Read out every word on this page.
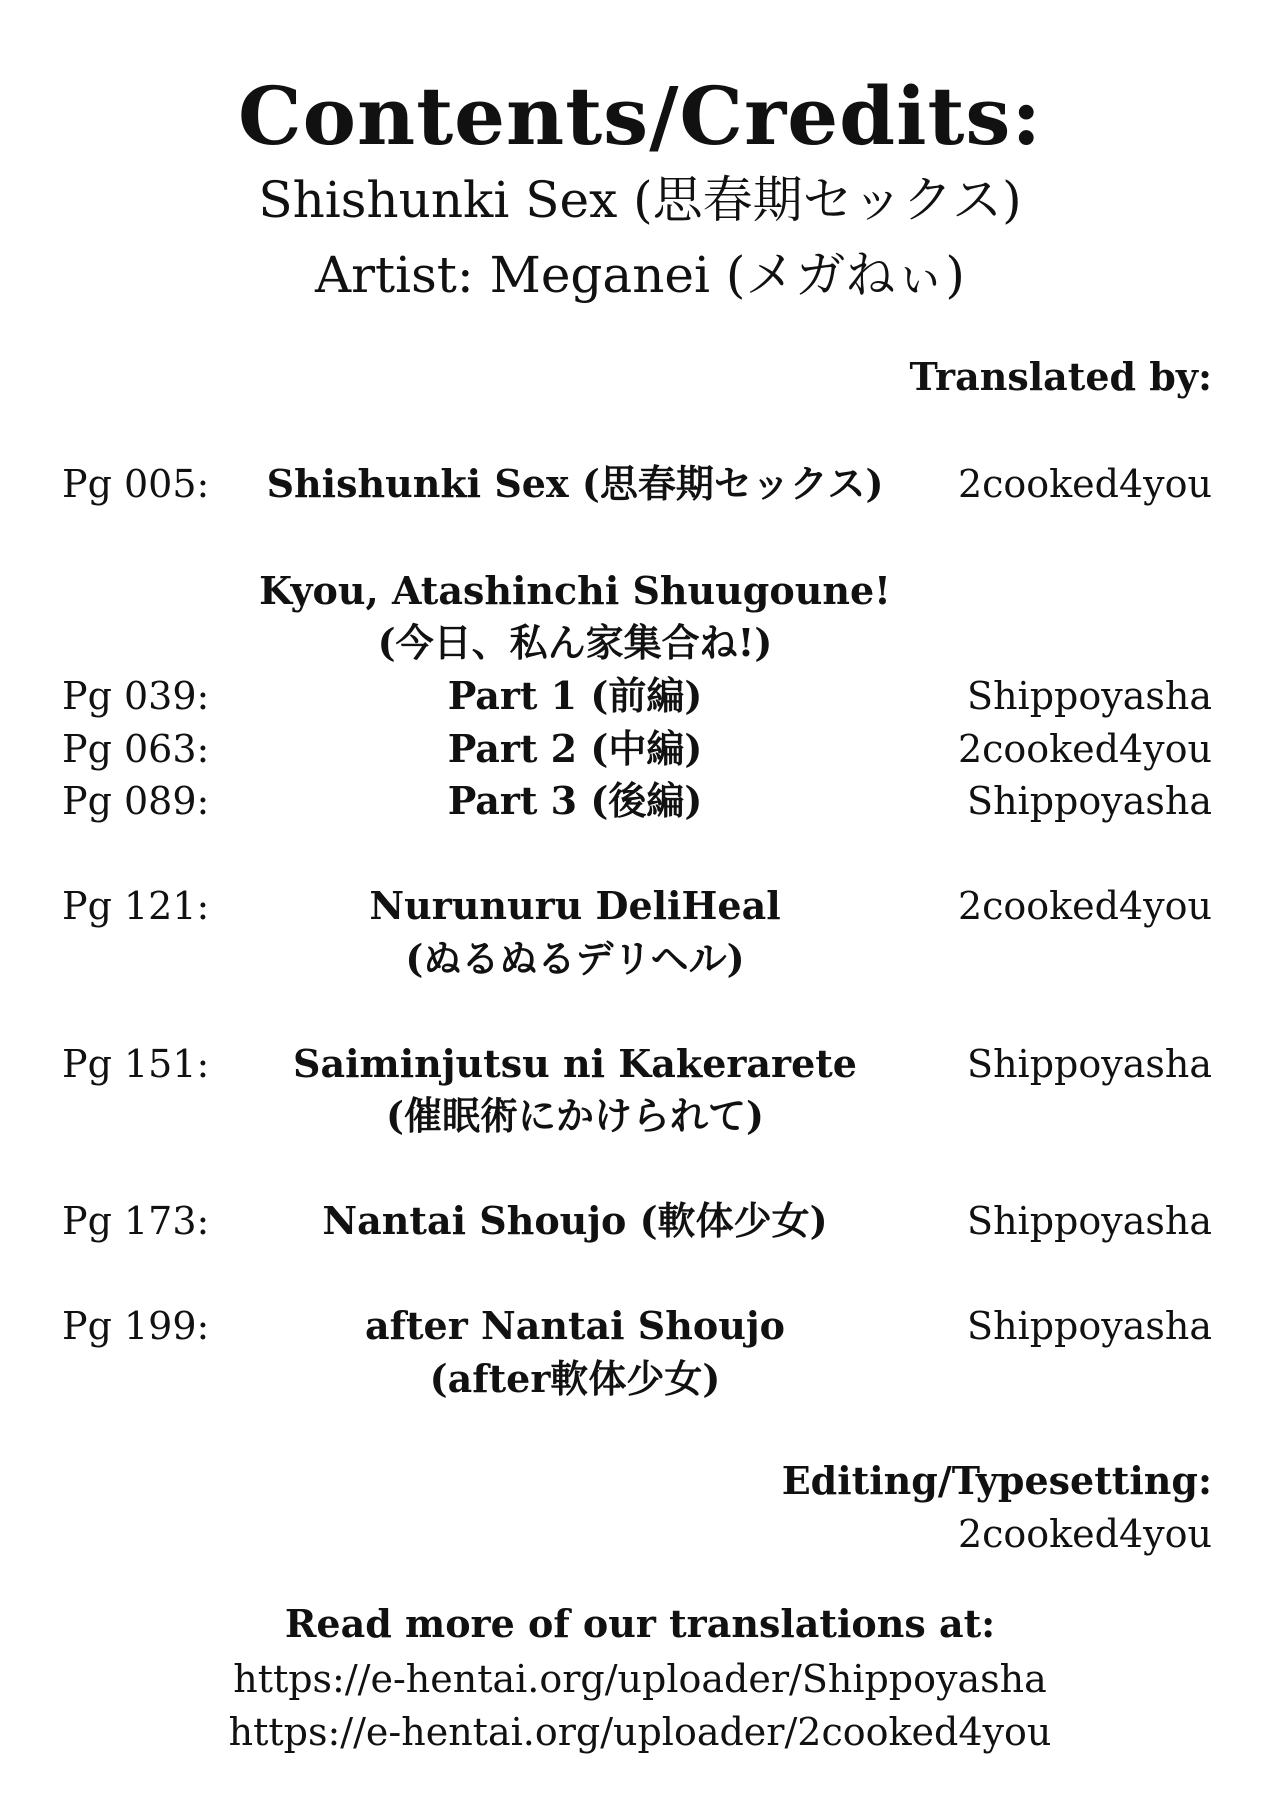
Contents/Credits:
Shishunki Sex (思春期セックス)
Artist: Meganei (メガねぃ)
Translated by:
Pg 005:	Shishunki Sex (思春期セックス)	2cooked4you
Kyou, Atashinchi Shuugoune!
(今日、私ん家集合ね!)
Pg 039:	Part 1 (前編)	Shippoyasha
Pg 063:	Part 2 (中編)	2cooked4you
Pg 089:	Part 3 (後編)	Shippoyasha
Pg 121:	Nurunuru DeliHeal
(ぬるぬるデリヘル)
2cooked4you
Pg 151:	Saiminjutsu ni Kakerarete
(催眠術にかけられて)
Shippoyasha
Pg 173:	Nantai Shoujo (軟体少女)	Shippoyasha
Pg 199:	after Nantai Shoujo
(after軟体少女)
Shippoyasha
Editing/Typesetting:
2cooked4you
Read more of our translations at:
https://e-hentai.org/uploader/Shippoyasha
https://e-hentai.org/uploader/2cooked4you
